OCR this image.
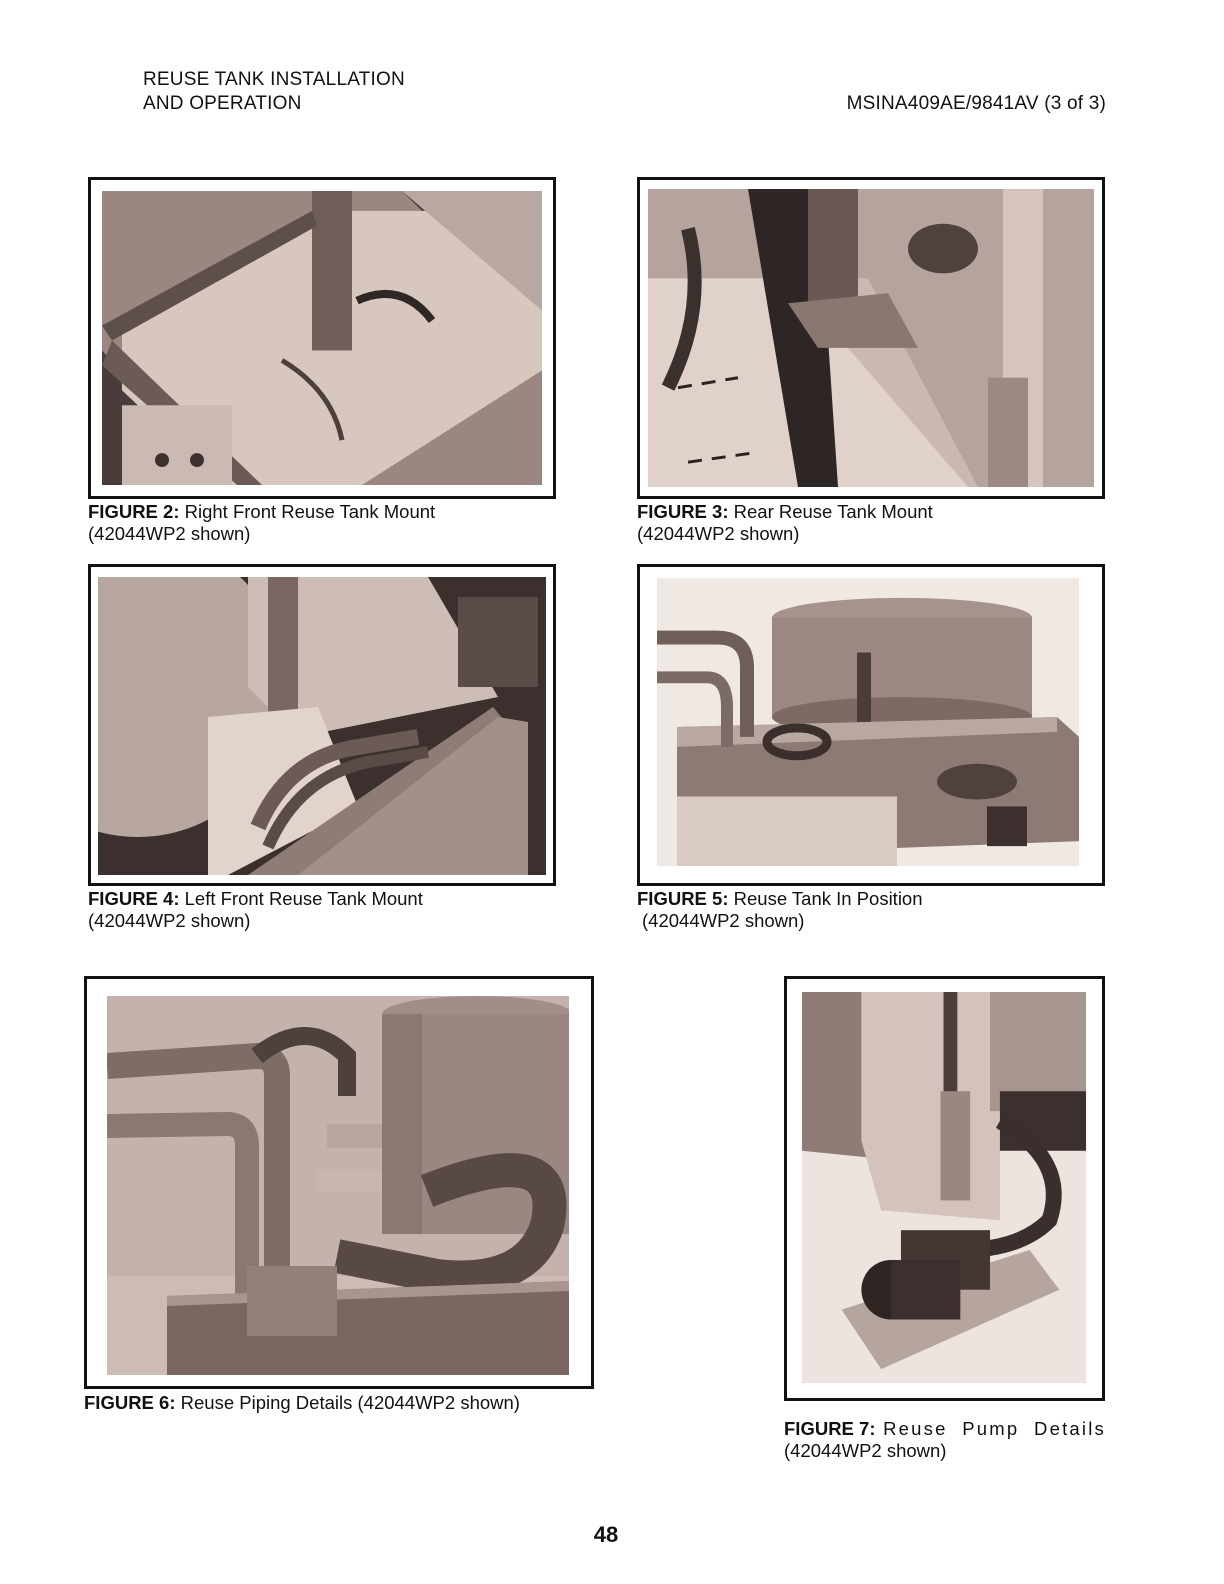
REUSE TANK INSTALLATION
AND OPERATION	MSINA409AE/9841AV (3 of 3)
FIGURE 2: Right Front Reuse Tank Mount
(42044WP2 shown)
FIGURE 3: Rear Reuse Tank Mount
(42044WP2 shown)
FIGURE 4: Left Front Reuse Tank Mount
(42044WP2 shown)
FIGURE 5: Reuse Tank In Position
(42044WP2 shown)
FIGURE 6: Reuse Piping Details (42044WP2 shown)
FIGURE 7: Reuse  Pump  Details
(42044WP2 shown)
48
